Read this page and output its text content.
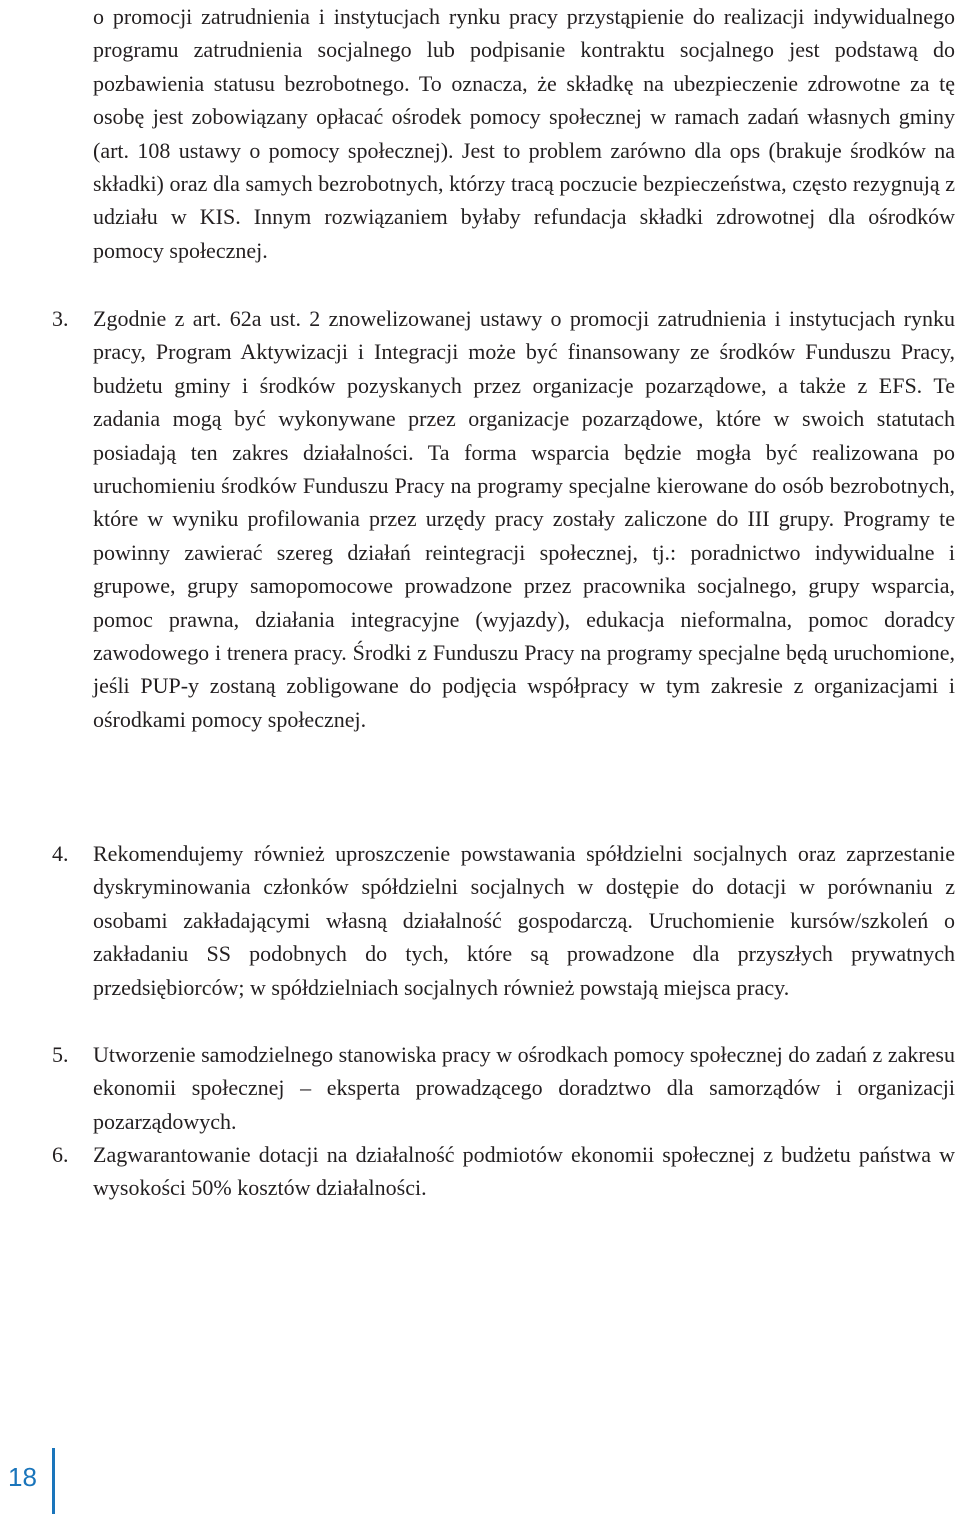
o promocji zatrudnienia i instytucjach rynku pracy przystąpienie do realizacji indywidualnego programu zatrudnienia socjalnego lub podpisanie kontraktu socjalnego jest podstawą do pozbawienia statusu bezrobotnego. To oznacza, że składkę na ubezpieczenie zdrowotne za tę osobę jest zobowiązany opłacać ośrodek pomocy społecznej w ramach zadań własnych gminy (art. 108 ustawy o pomocy społecznej). Jest to problem zarówno dla ops (brakuje środków na składki) oraz dla samych bezrobotnych, którzy tracą poczucie bezpieczeństwa, często rezygnują z udziału w KIS. Innym rozwiązaniem byłaby refundacja składki zdrowotnej dla ośrodków pomocy społecznej.

3.	Zgodnie z art. 62a ust. 2 znowelizowanej ustawy o promocji zatrudnienia i instytucjach rynku pracy, Program Aktywizacji i Integracji może być finansowany ze środków Funduszu Pracy, budżetu gminy i środków pozyskanych przez organizacje pozarządowe, a także z EFS. Te zadania mogą być wykonywane przez organizacje pozarządowe, które w swoich statutach posiadają ten zakres działalności. Ta forma wsparcia będzie mogła być realizowana po uruchomieniu środków Funduszu Pracy na programy specjalne kierowane do osób bezrobotnych, które w wyniku profilowania przez urzędy pracy zostały zaliczone do III grupy. Programy te powinny zawierać szereg działań reintegracji społecznej, tj.: poradnictwo indywidualne i grupowe, grupy samopomocowe prowadzone przez pracownika socjalnego, grupy wsparcia, pomoc prawna, działania integracyjne (wyjazdy), edukacja nieformalna, pomoc doradcy zawodowego i trenera pracy. Środki z Funduszu Pracy na programy specjalne będą uruchomione, jeśli PUP-y zostaną zobligowane do podjęcia współpracy w tym zakresie z organizacjami i ośrodkami pomocy społecznej.

4.	Rekomendujemy również uproszczenie powstawania spółdzielni socjalnych oraz zaprzestanie dyskryminowania członków spółdzielni socjalnych w dostępie do dotacji w porównaniu z osobami zakładającymi własną działalność gospodarczą. Uruchomienie kursów/szkoleń o zakładaniu SS podobnych do tych, które są prowadzone dla przyszłych prywatnych przedsiębiorców; w spółdzielniach socjalnych również powstają miejsca pracy.

5.	Utworzenie samodzielnego stanowiska pracy w ośrodkach pomocy społecznej do zadań z zakresu ekonomii społecznej – eksperta prowadzącego doradztwo dla samorządów i organizacji pozarządowych.

6.	Zagwarantowanie dotacji na działalność podmiotów ekonomii społecznej z budżetu państwa w wysokości 50% kosztów działalności.

18
